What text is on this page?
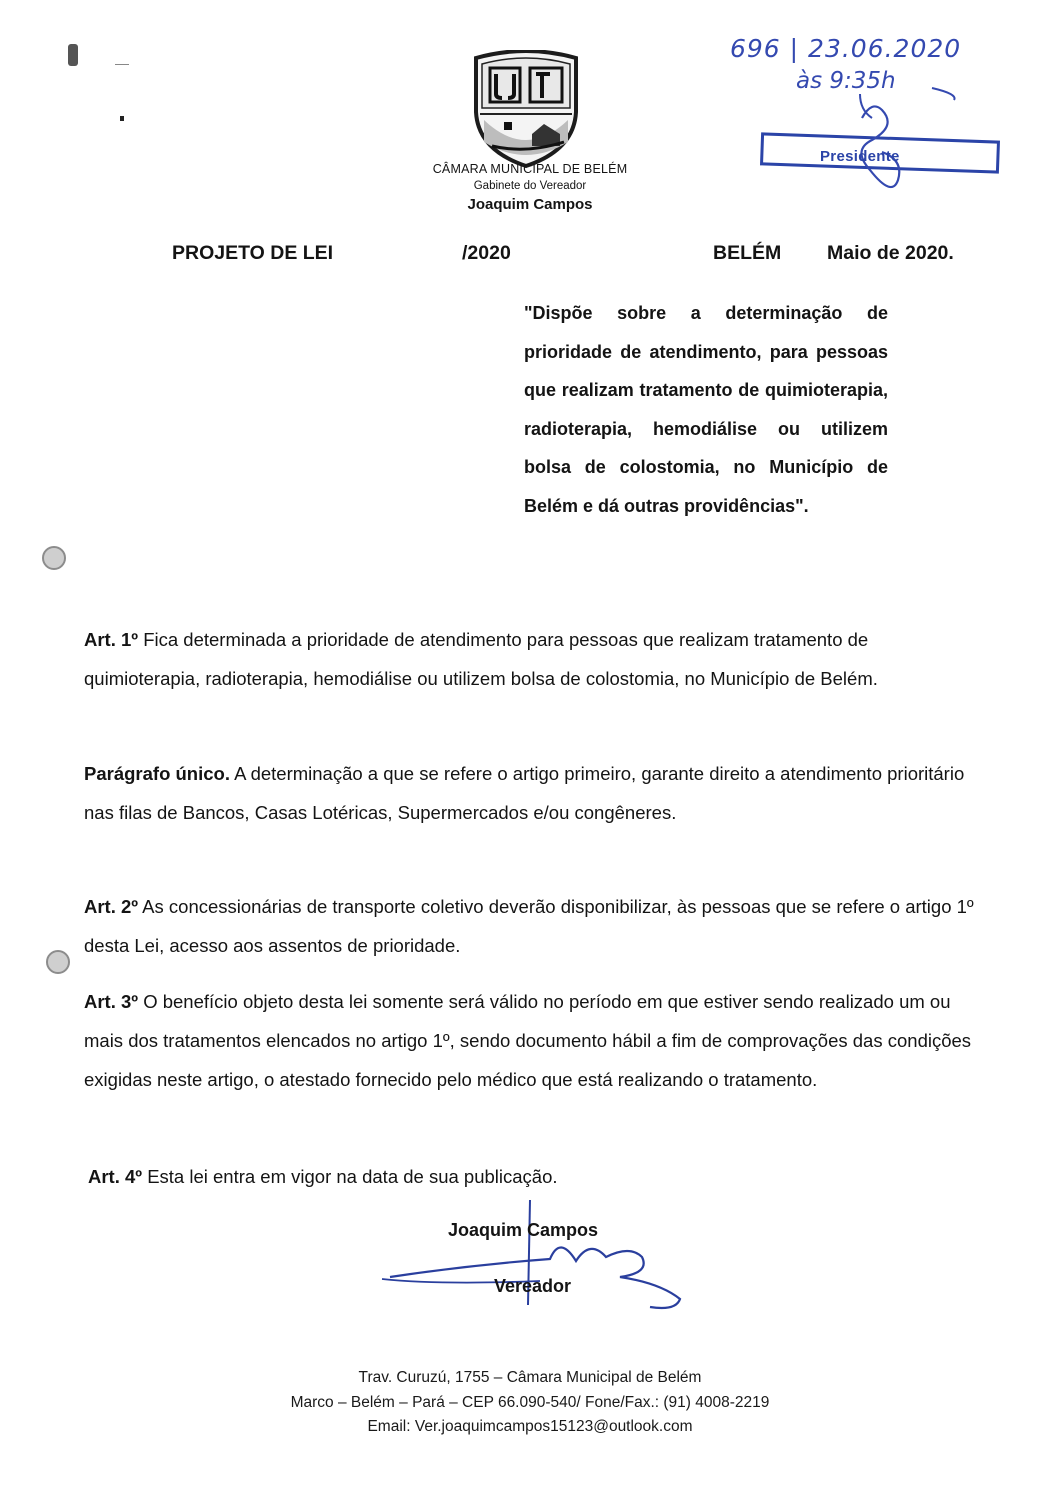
CÂMARA MUNICIPAL DE BELÉM
Gabinete do Vereador
Joaquim Campos
696 | 23.06.2020
às 9:35h
Presidente
PROJETO DE LEI	/2020	BELÉM Maio de 2020.
"Dispõe sobre a determinação de prioridade de atendimento, para pessoas que realizam tratamento de quimioterapia, radioterapia, hemodiálise ou utilizem bolsa de colostomia, no Município de Belém e dá outras providências".
Art. 1º Fica determinada a prioridade de atendimento para pessoas que realizam tratamento de quimioterapia, radioterapia, hemodiálise ou utilizem bolsa de colostomia, no Município de Belém.
Parágrafo único. A determinação a que se refere o artigo primeiro, garante direito a atendimento prioritário nas filas de Bancos, Casas Lotéricas, Supermercados e/ou congêneres.
Art. 2º As concessionárias de transporte coletivo deverão disponibilizar, às pessoas que se refere o artigo 1º desta Lei, acesso aos assentos de prioridade.
Art. 3º O benefício objeto desta lei somente será válido no período em que estiver sendo realizado um ou mais dos tratamentos elencados no artigo 1º, sendo documento hábil a fim de comprovações das condições exigidas neste artigo, o atestado fornecido pelo médico que está realizando o tratamento.
Art. 4º Esta lei entra em vigor na data de sua publicação.
Joaquim Campos
Vereador
Trav. Curuzú, 1755 – Câmara Municipal de Belém
Marco – Belém – Pará – CEP 66.090-540/ Fone/Fax.: (91) 4008-2219
Email: Ver.joaquimcampos15123@outlook.com
